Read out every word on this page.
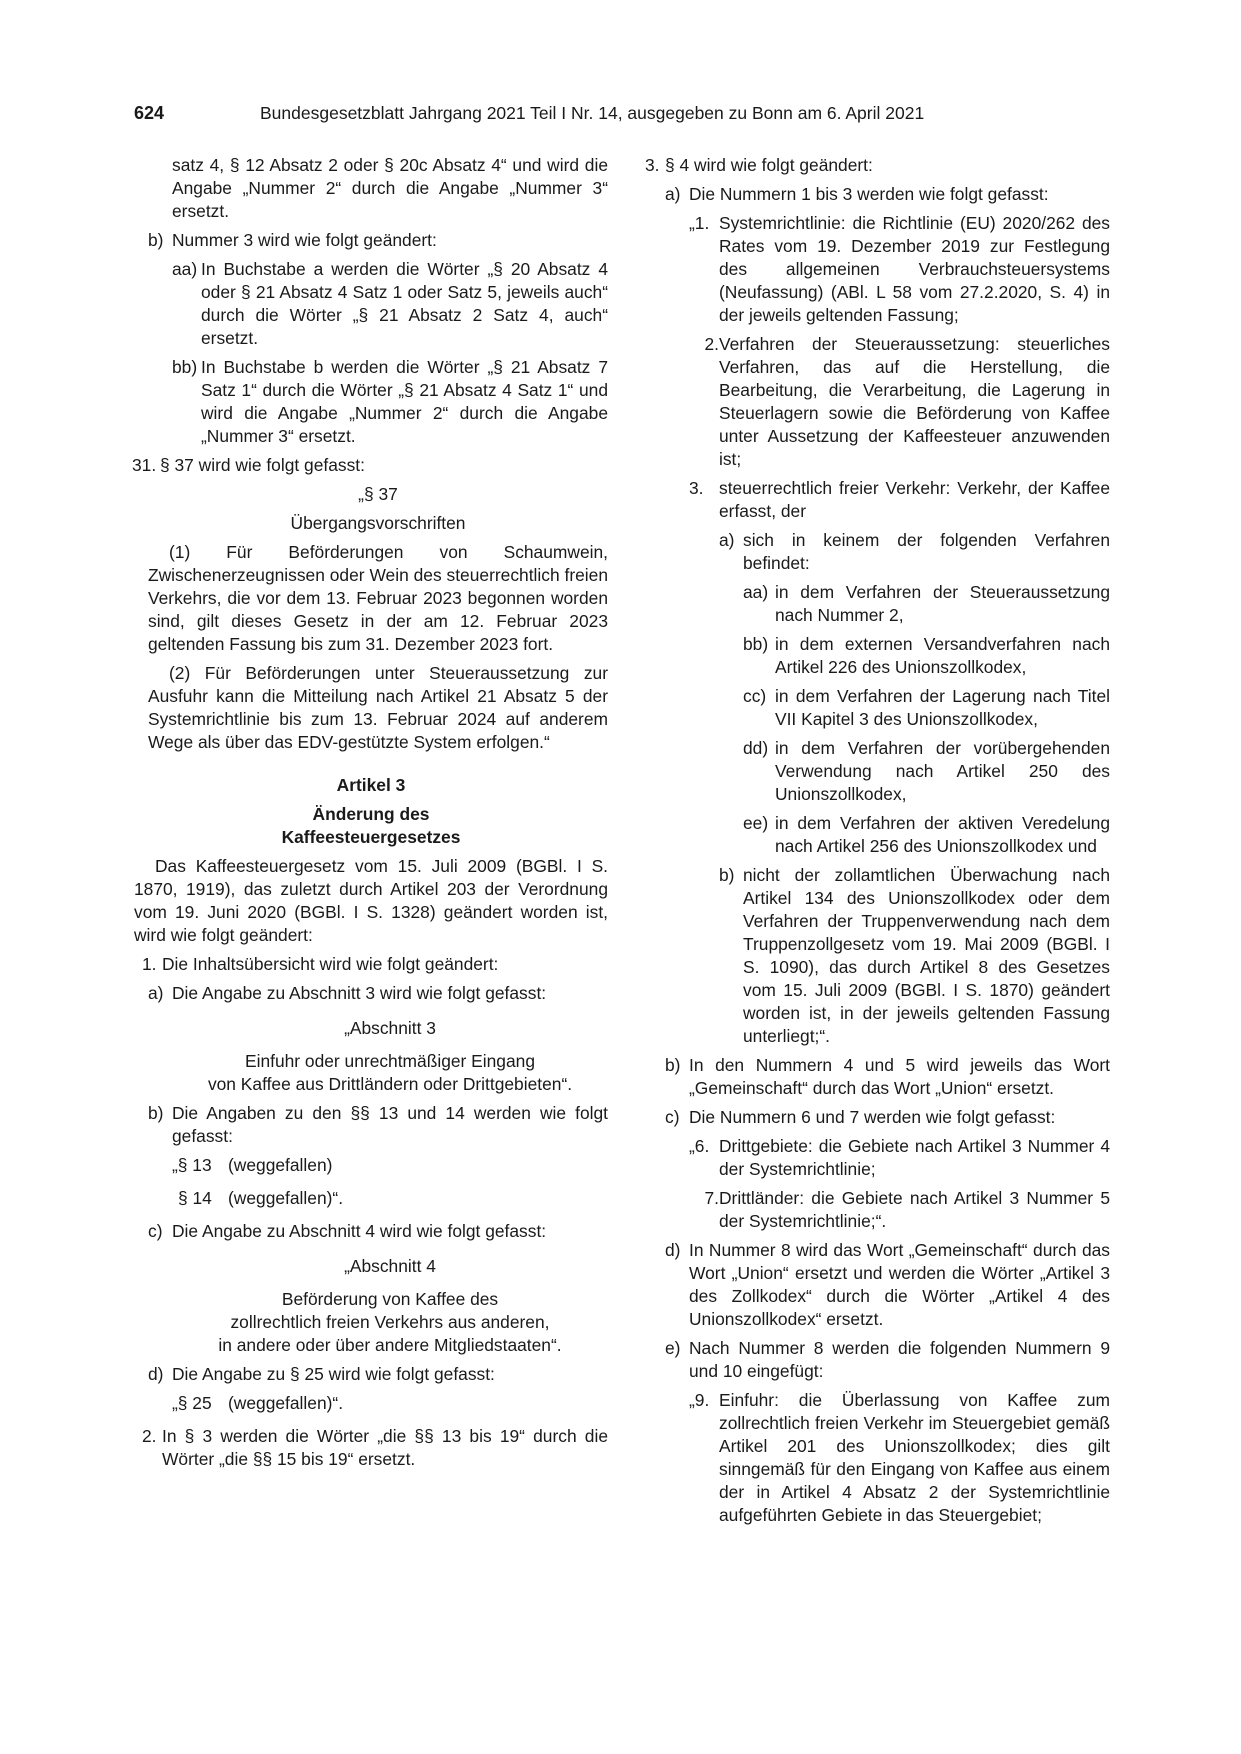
624	Bundesgesetzblatt Jahrgang 2021 Teil I Nr. 14, ausgegeben zu Bonn am 6. April 2021

satz 4, § 12 Absatz 2 oder § 20c Absatz 4“ und wird die Angabe „Nummer 2“ durch die Angabe „Nummer 3“ ersetzt.

b) Nummer 3 wird wie folgt geändert:
aa) In Buchstabe a werden die Wörter „§ 20 Absatz 4 oder § 21 Absatz 4 Satz 1 oder Satz 5, jeweils auch“ durch die Wörter „§ 21 Absatz 2 Satz 4, auch“ ersetzt.
bb) In Buchstabe b werden die Wörter „§ 21 Absatz 7 Satz 1“ durch die Wörter „§ 21 Absatz 4 Satz 1“ und wird die Angabe „Nummer 2“ durch die Angabe „Nummer 3“ ersetzt.
31. § 37 wird wie folgt gefasst:

„§ 37

Übergangsvorschriften

(1) Für Beförderungen von Schaumwein, Zwischenerzeugnissen oder Wein des steuerrechtlich freien Verkehrs, die vor dem 13. Februar 2023 begonnen worden sind, gilt dieses Gesetz in der am 12. Februar 2023 geltenden Fassung bis zum 31. Dezember 2023 fort.

(2) Für Beförderungen unter Steueraussetzung zur Ausfuhr kann die Mitteilung nach Artikel 21 Absatz 5 der Systemrichtlinie bis zum 13. Februar 2024 auf anderem Wege als über das EDV-gestützte System erfolgen.“

Artikel 3

Änderung des

Kaffeesteuergesetzes

Das Kaffeesteuergesetz vom 15. Juli 2009 (BGBl. I S. 1870, 1919), das zuletzt durch Artikel 203 der Verordnung vom 19. Juni 2020 (BGBl. I S. 1328) geändert worden ist, wird wie folgt geändert:

1. Die Inhaltsübersicht wird wie folgt geändert:
a) Die Angabe zu Abschnitt 3 wird wie folgt gefasst:

„Abschnitt 3

Einfuhr oder unrechtmäßiger Eingang

von Kaffee aus Drittländern oder Drittgebieten“.

b) Die Angaben zu den §§ 13 und 14 werden wie folgt gefasst:
„§ 13 (weggefallen)
§ 14 (weggefallen)“.
c) Die Angabe zu Abschnitt 4 wird wie folgt gefasst:

„Abschnitt 4

Beförderung von Kaffee des

zollrechtlich freien Verkehrs aus anderen,

in andere oder über andere Mitgliedstaaten“.

d) Die Angabe zu § 25 wird wie folgt gefasst:
„§ 25 (weggefallen)“.
2. In § 3 werden die Wörter „die §§ 13 bis 19“ durch die Wörter „die §§ 15 bis 19“ ersetzt.
3. § 4 wird wie folgt geändert:
a) Die Nummern 1 bis 3 werden wie folgt gefasst:
„1. Systemrichtlinie: die Richtlinie (EU) 2020/262 des Rates vom 19. Dezember 2019 zur Festlegung des allgemeinen Verbrauchsteuersystems (Neufassung) (ABl. L 58 vom 27.2.2020, S. 4) in der jeweils geltenden Fassung;
2. Verfahren der Steueraussetzung: steuerliches Verfahren, das auf die Herstellung, die Bearbeitung, die Verarbeitung, die Lagerung in Steuerlagern sowie die Beförderung von Kaffee unter Aussetzung der Kaffeesteuer anzuwenden ist;
3. steuerrechtlich freier Verkehr: Verkehr, der Kaffee erfasst, der
a) sich in keinem der folgenden Verfahren befindet:
aa) in dem Verfahren der Steueraussetzung nach Nummer 2,
bb) in dem externen Versandverfahren nach Artikel 226 des Unionszollkodex,
cc) in dem Verfahren der Lagerung nach Titel VII Kapitel 3 des Unionszollkodex,
dd) in dem Verfahren der vorübergehenden Verwendung nach Artikel 250 des Unionszollkodex,
ee) in dem Verfahren der aktiven Veredelung nach Artikel 256 des Unionszollkodex und
b) nicht der zollamtlichen Überwachung nach Artikel 134 des Unionszollkodex oder dem Verfahren der Truppenverwendung nach dem Truppenzollgesetz vom 19. Mai 2009 (BGBl. I S. 1090), das durch Artikel 8 des Gesetzes vom 15. Juli 2009 (BGBl. I S. 1870) geändert worden ist, in der jeweils geltenden Fassung unterliegt;“.
b) In den Nummern 4 und 5 wird jeweils das Wort „Gemeinschaft“ durch das Wort „Union“ ersetzt.
c) Die Nummern 6 und 7 werden wie folgt gefasst:
„6. Drittgebiete: die Gebiete nach Artikel 3 Nummer 4 der Systemrichtlinie;
7. Drittländer: die Gebiete nach Artikel 3 Nummer 5 der Systemrichtlinie;“.
d) In Nummer 8 wird das Wort „Gemeinschaft“ durch das Wort „Union“ ersetzt und werden die Wörter „Artikel 3 des Zollkodex“ durch die Wörter „Artikel 4 des Unionszollkodex“ ersetzt.
e) Nach Nummer 8 werden die folgenden Nummern 9 und 10 eingefügt:
„9. Einfuhr: die Überlassung von Kaffee zum zollrechtlich freien Verkehr im Steuergebiet gemäß Artikel 201 des Unionszollkodex; dies gilt sinngemäß für den Eingang von Kaffee aus einem der in Artikel 4 Absatz 2 der Systemrichtlinie aufgeführten Gebiete in das Steuergebiet;
